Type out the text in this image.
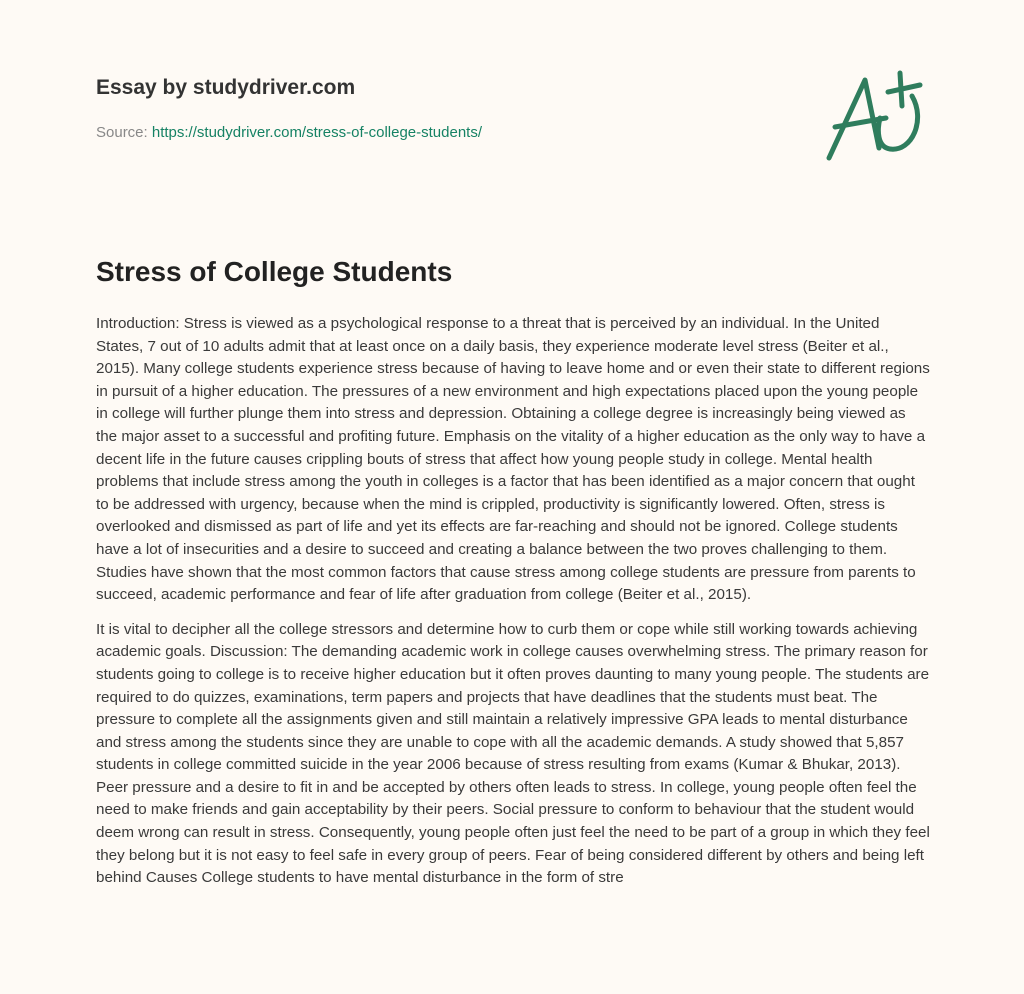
Essay by studydriver.com
Source: https://studydriver.com/stress-of-college-students/
Stress of College Students

Introduction: Stress is viewed as a psychological response to a threat that is perceived by an individual. In the United States, 7 out of 10 adults admit that at least once on a daily basis, they experience moderate level stress (Beiter et al., 2015). Many college students experience stress because of having to leave home and or even their state to different regions in pursuit of a higher education. The pressures of a new environment and high expectations placed upon the young people in college will further plunge them into stress and depression. Obtaining a college degree is increasingly being viewed as the major asset to a successful and profiting future. Emphasis on the vitality of a higher education as the only way to have a decent life in the future causes crippling bouts of stress that affect how young people study in college. Mental health problems that include stress among the youth in colleges is a factor that has been identified as a major concern that ought to be addressed with urgency, because when the mind is crippled, productivity is significantly lowered. Often, stress is overlooked and dismissed as part of life and yet its effects are far-reaching and should not be ignored. College students have a lot of insecurities and a desire to succeed and creating a balance between the two proves challenging to them. Studies have shown that the most common factors that cause stress among college students are pressure from parents to succeed, academic performance and fear of life after graduation from college (Beiter et al., 2015).

It is vital to decipher all the college stressors and determine how to curb them or cope while still working towards achieving academic goals. Discussion: The demanding academic work in college causes overwhelming stress. The primary reason for students going to college is to receive higher education but it often proves daunting to many young people. The students are required to do quizzes, examinations, term papers and projects that have deadlines that the students must beat. The pressure to complete all the assignments given and still maintain a relatively impressive GPA leads to mental disturbance and stress among the students since they are unable to cope with all the academic demands. A study showed that 5,857 students in college committed suicide in the year 2006 because of stress resulting from exams (Kumar & Bhukar, 2013). Peer pressure and a desire to fit in and be accepted by others often leads to stress. In college, young people often feel the need to make friends and gain acceptability by their peers. Social pressure to conform to behaviour that the student would deem wrong can result in stress. Consequently, young people often just feel the need to be part of a group in which they feel they belong but it is not easy to feel safe in every group of peers. Fear of being considered different by others and being left behind Causes College students to have mental disturbance in the form of stre
